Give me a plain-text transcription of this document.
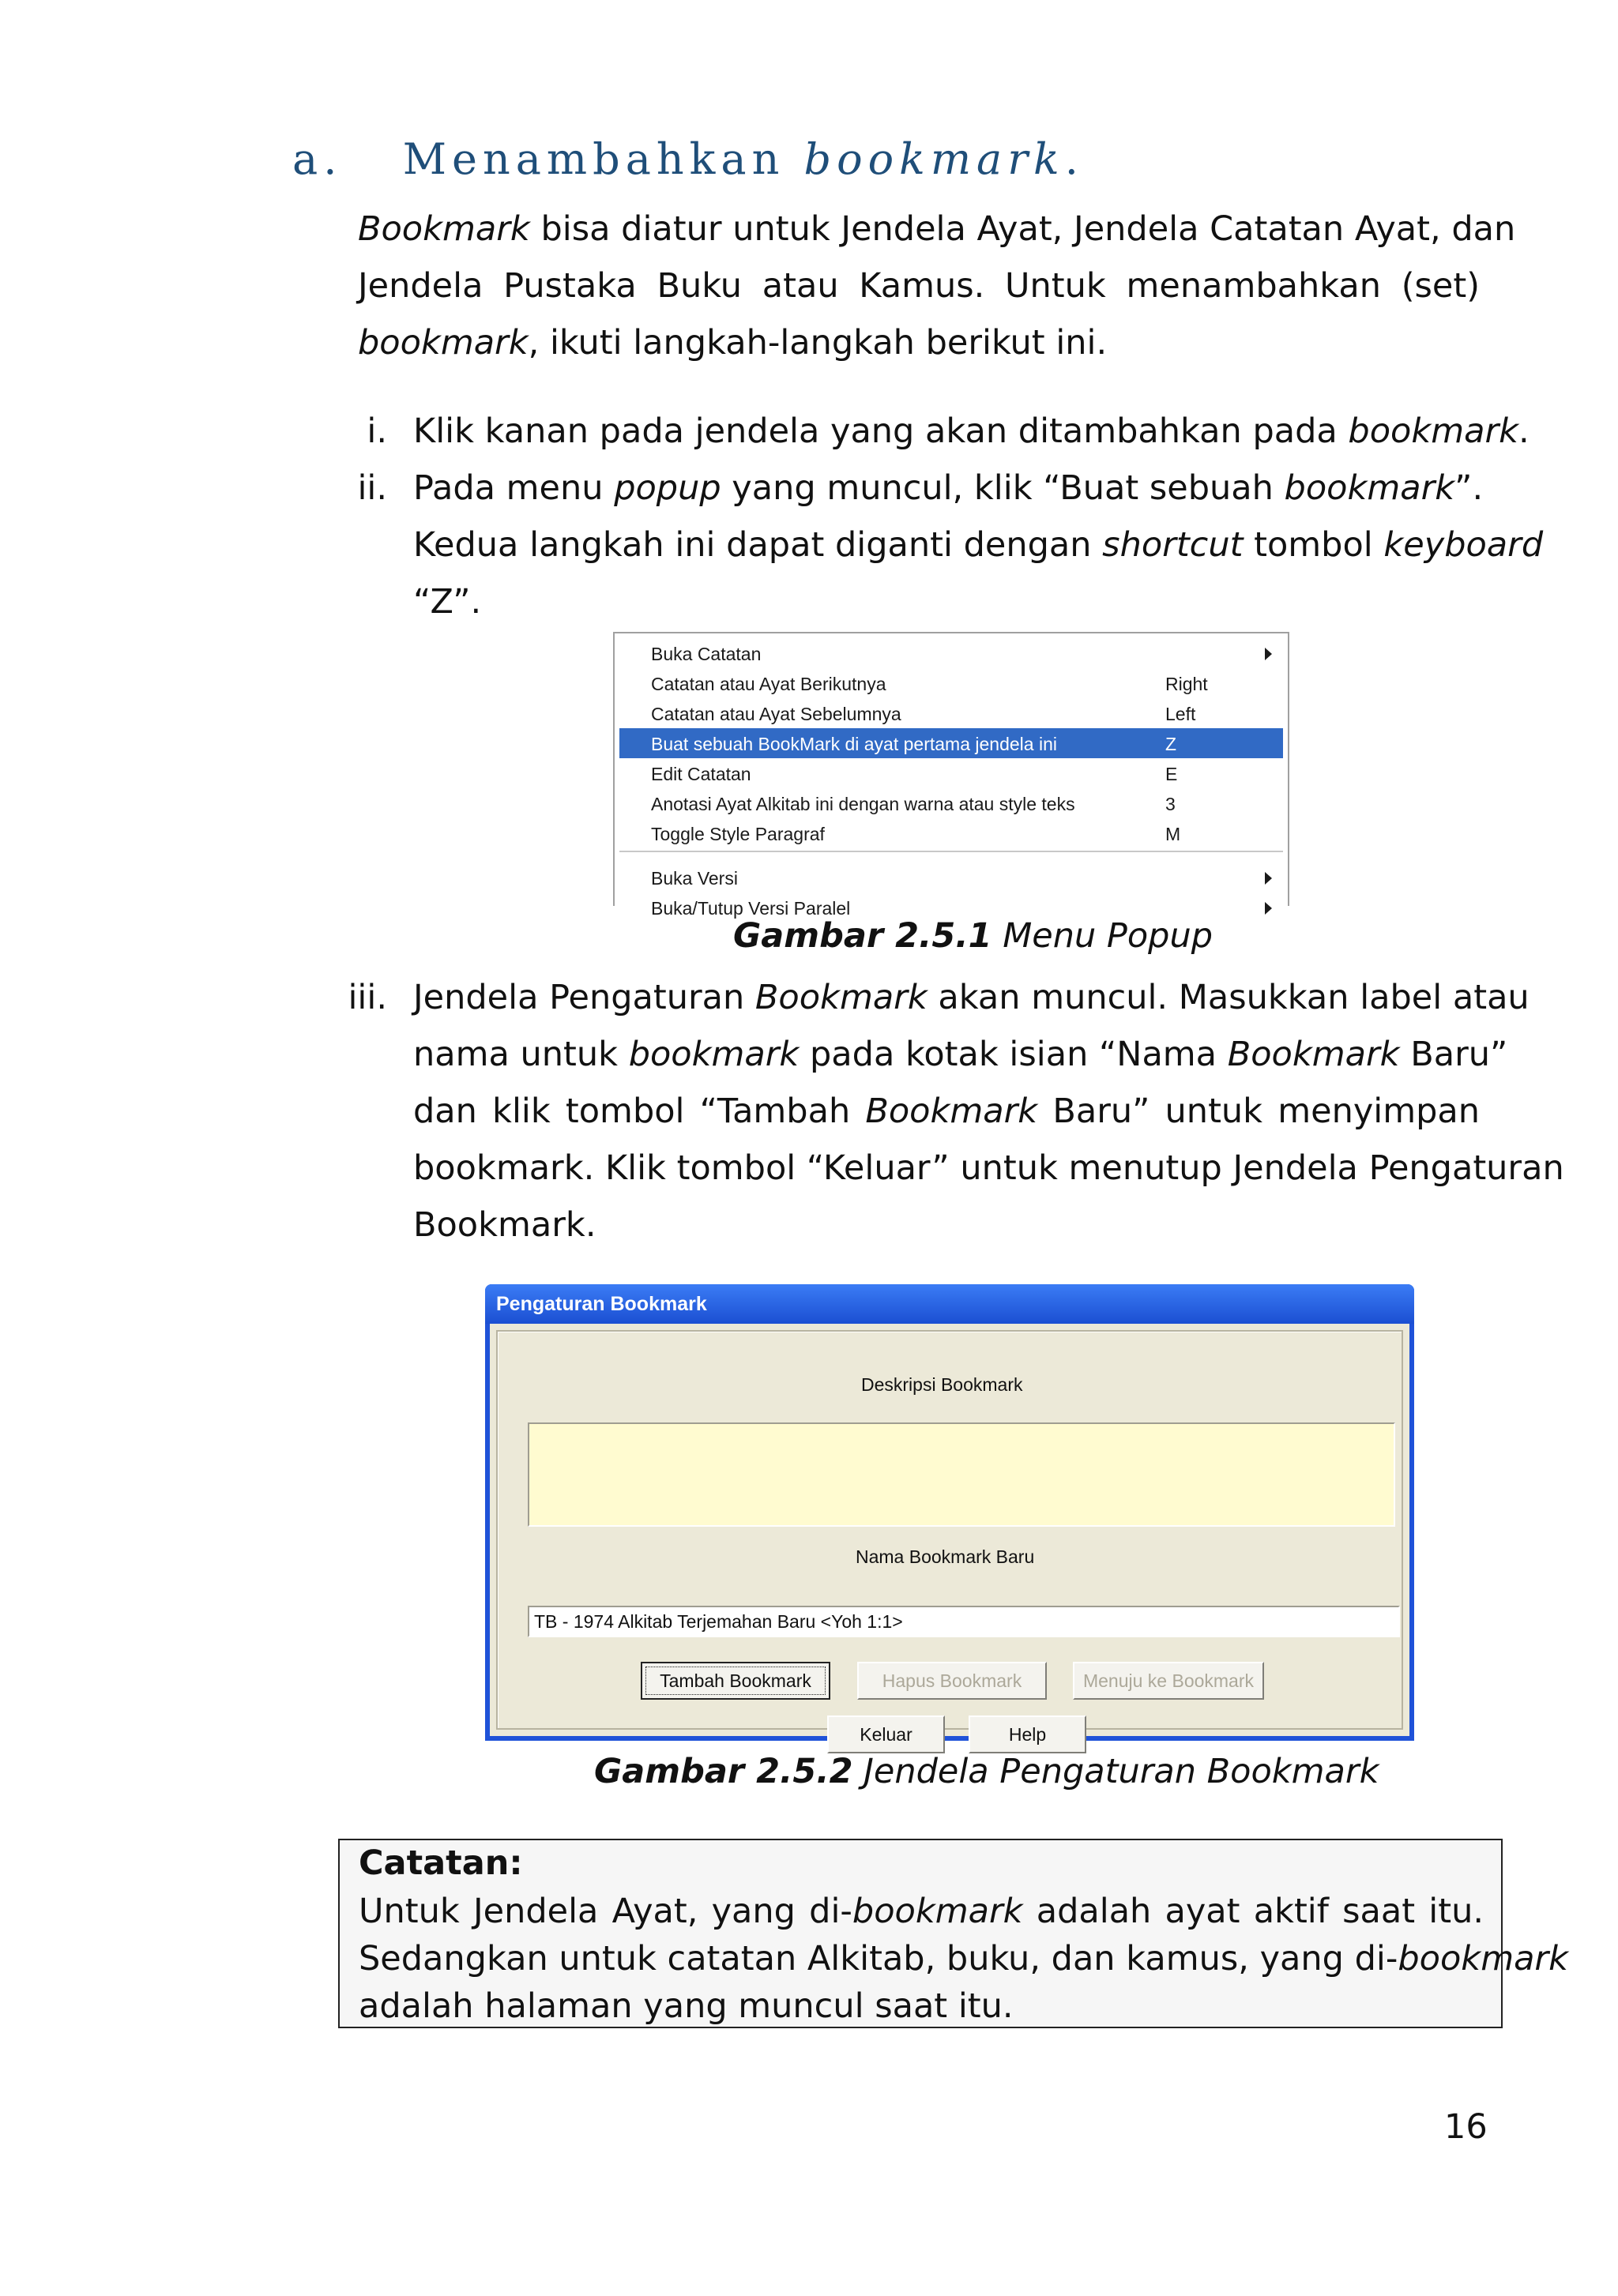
a. Menambahkan bookmark.
Bookmark bisa diatur untuk Jendela Ayat, Jendela Catatan Ayat, dan
Jendela Pustaka Buku atau Kamus. Untuk menambahkan (set)
bookmark, ikuti langkah-langkah berikut ini.
i. Klik kanan pada jendela yang akan ditambahkan pada bookmark.
ii. Pada menu popup yang muncul, klik “Buat sebuah bookmark”.
Kedua langkah ini dapat diganti dengan shortcut tombol keyboard
“Z”.
Buka Catatan
Catatan atau Ayat Berikutnya	Right
Catatan atau Ayat Sebelumnya	Left
Buat sebuah BookMark di ayat pertama jendela ini	Z
Edit Catatan	E
Anotasi Ayat Alkitab ini dengan warna atau style teks	3
Toggle Style Paragraf	M
Buka Versi
Buka/Tutup Versi Paralel
Gambar 2.5.1 Menu Popup
iii. Jendela Pengaturan Bookmark akan muncul. Masukkan label atau
nama untuk bookmark pada kotak isian “Nama Bookmark Baru”
dan klik tombol “Tambah Bookmark Baru” untuk menyimpan
bookmark. Klik tombol “Keluar” untuk menutup Jendela Pengaturan
Bookmark.
Pengaturan Bookmark
Deskripsi Bookmark
Nama Bookmark Baru
TB - 1974 Alkitab Terjemahan Baru <Yoh 1:1>
Tambah Bookmark	Hapus Bookmark	Menuju ke Bookmark
Keluar	Help
Gambar 2.5.2 Jendela Pengaturan Bookmark
Catatan:
Untuk Jendela Ayat, yang di-bookmark adalah ayat aktif saat itu.
Sedangkan untuk catatan Alkitab, buku, dan kamus, yang di-bookmark
adalah halaman yang muncul saat itu.
16
